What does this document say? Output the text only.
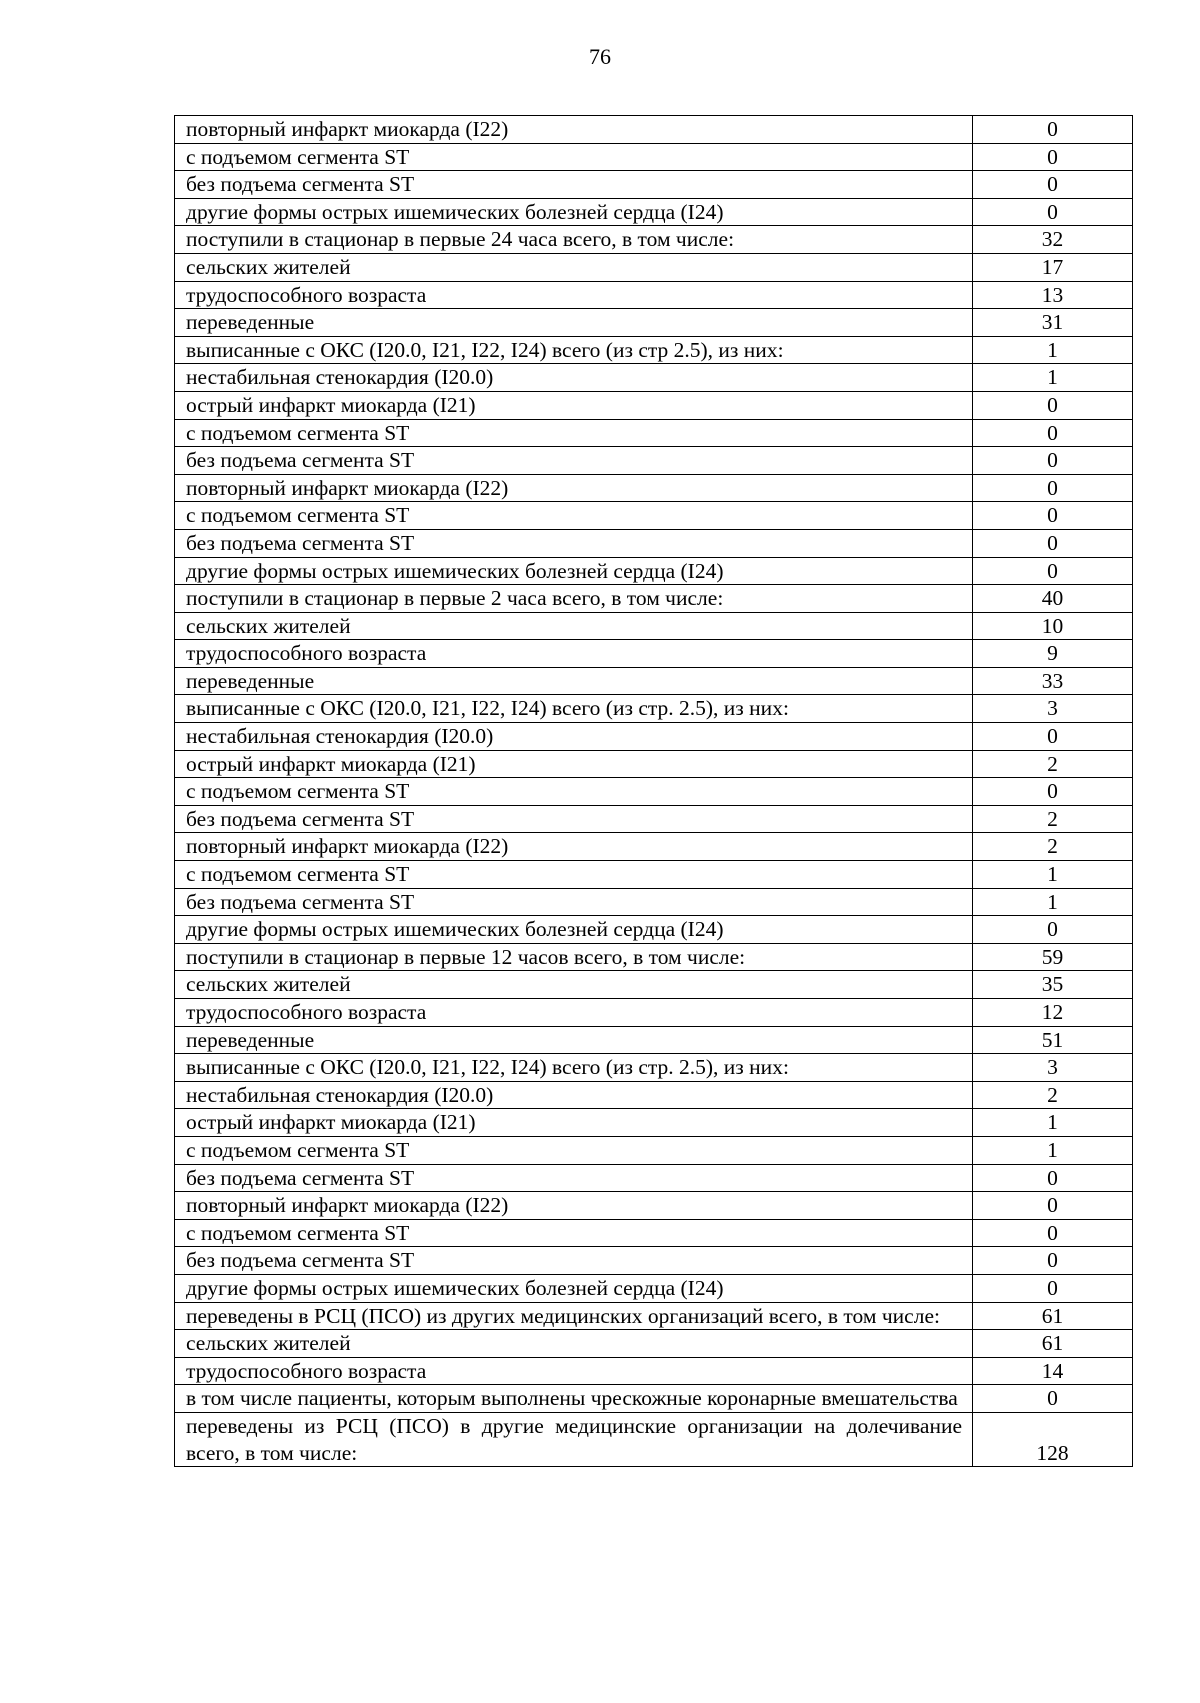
76
повторный инфаркт миокарда (I22)	0
с подъемом сегмента ST	0
без подъема сегмента ST	0
другие формы острых ишемических болезней сердца (I24)	0
поступили в стационар в первые 24 часа всего, в том числе:	32
сельских жителей	17
трудоспособного возраста	13
переведенные	31
выписанные с ОКС (I20.0, I21, I22, I24) всего (из стр 2.5), из них:	1
нестабильная стенокардия (I20.0)	1
острый инфаркт миокарда (I21)	0
с подъемом сегмента ST	0
без подъема сегмента ST	0
повторный инфаркт миокарда (I22)	0
с подъемом сегмента ST	0
без подъема сегмента ST	0
другие формы острых ишемических болезней сердца (I24)	0
поступили в стационар в первые 2 часа всего, в том числе:	40
сельских жителей	10
трудоспособного возраста	9
переведенные	33
выписанные с ОКС (I20.0, I21, I22, I24) всего (из стр. 2.5), из них:	3
нестабильная стенокардия (I20.0)	0
острый инфаркт миокарда (I21)	2
с подъемом сегмента ST	0
без подъема сегмента ST	2
повторный инфаркт миокарда (I22)	2
с подъемом сегмента ST	1
без подъема сегмента ST	1
другие формы острых ишемических болезней сердца (I24)	0
поступили в стационар в первые 12 часов всего, в том числе:	59
сельских жителей	35
трудоспособного возраста	12
переведенные	51
выписанные с ОКС (I20.0, I21, I22, I24) всего (из стр. 2.5), из них:	3
нестабильная стенокардия (I20.0)	2
острый инфаркт миокарда (I21)	1
с подъемом сегмента ST	1
без подъема сегмента ST	0
повторный инфаркт миокарда (I22)	0
с подъемом сегмента ST	0
без подъема сегмента ST	0
другие формы острых ишемических болезней сердца (I24)	0
переведены в РСЦ (ПСО) из других медицинских организаций всего, в том числе:	61
сельских жителей	61
трудоспособного возраста	14
в том числе пациенты, которым выполнены чрескожные коронарные вмешательства	0
переведены из РСЦ (ПСО) в другие медицинские организации на долечивание всего, в том числе:	128
